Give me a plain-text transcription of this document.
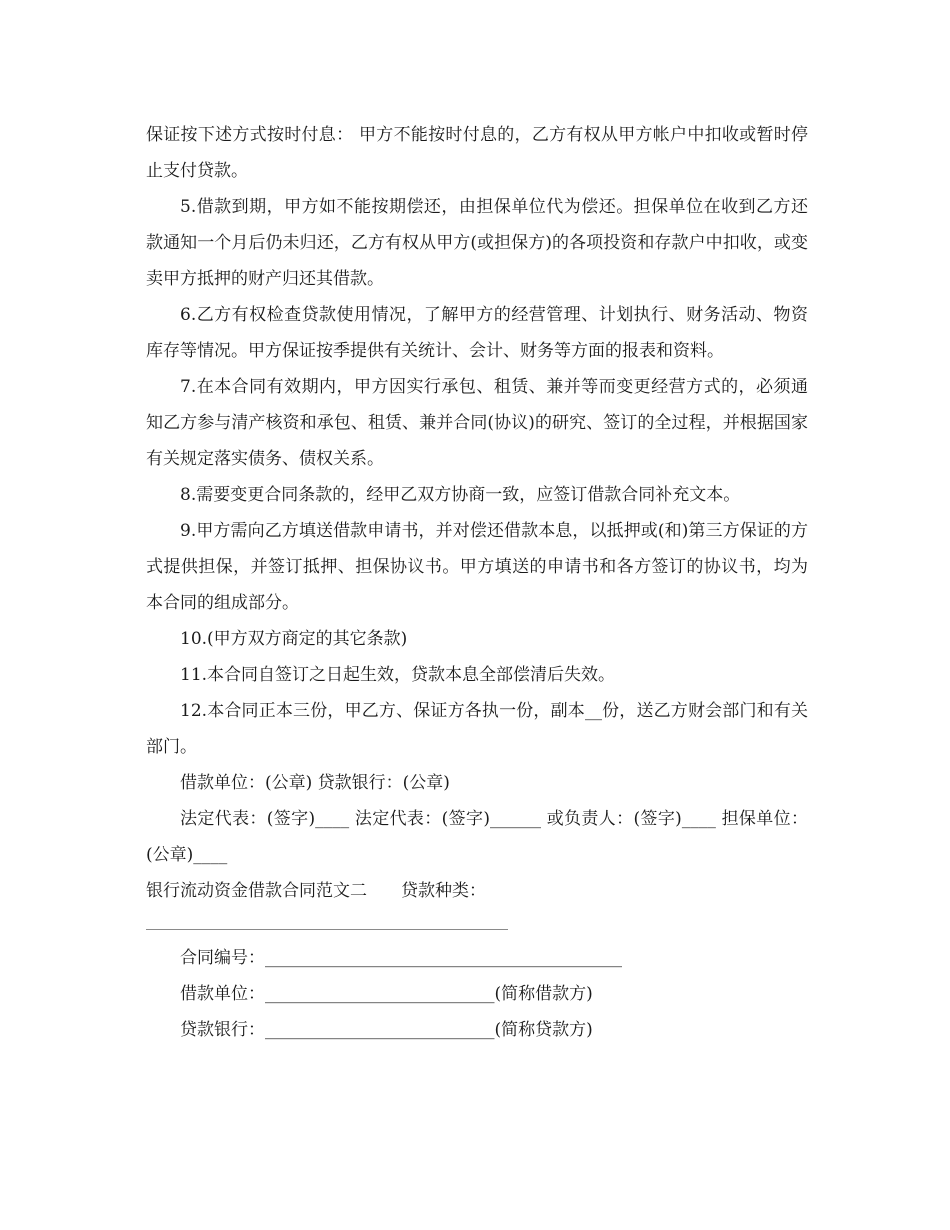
保证按下述方式按时付息： 甲方不能按时付息的，乙方有权从甲方帐户中扣收或暂时停止支付贷款。

5.借款到期，甲方如不能按期偿还，由担保单位代为偿还。担保单位在收到乙方还款通知一个月后仍未归还，乙方有权从甲方(或担保方)的各项投资和存款户中扣收，或变卖甲方抵押的财产归还其借款。

6.乙方有权检查贷款使用情况，了解甲方的经营管理、计划执行、财务活动、物资库存等情况。甲方保证按季提供有关统计、会计、财务等方面的报表和资料。

7.在本合同有效期内，甲方因实行承包、租赁、兼并等而变更经营方式的，必须通知乙方参与清产核资和承包、租赁、兼并合同(协议)的研究、签订的全过程，并根据国家有关规定落实债务、债权关系。

8.需要变更合同条款的，经甲乙双方协商一致，应签订借款合同补充文本。

9.甲方需向乙方填送借款申请书，并对偿还借款本息，以抵押或(和)第三方保证的方式提供担保，并签订抵押、担保协议书。甲方填送的申请书和各方签订的协议书，均为本合同的组成部分。

10.(甲方双方商定的其它条款)

11.本合同自签订之日起生效，贷款本息全部偿清后失效。

12.本合同正本三份，甲乙方、保证方各执一份，副本__份，送乙方财会部门和有关部门。

借款单位：(公章) 贷款银行：(公章)

法定代表：(签字)____ 法定代表：(签字)______ 或负责人：(签字)____ 担保单位：(公章)____

银行流动资金借款合同范文二　　贷款种类：

合同编号：__________________________________________

借款单位：___________________________(简称借款方)

贷款银行：___________________________(简称贷款方)
